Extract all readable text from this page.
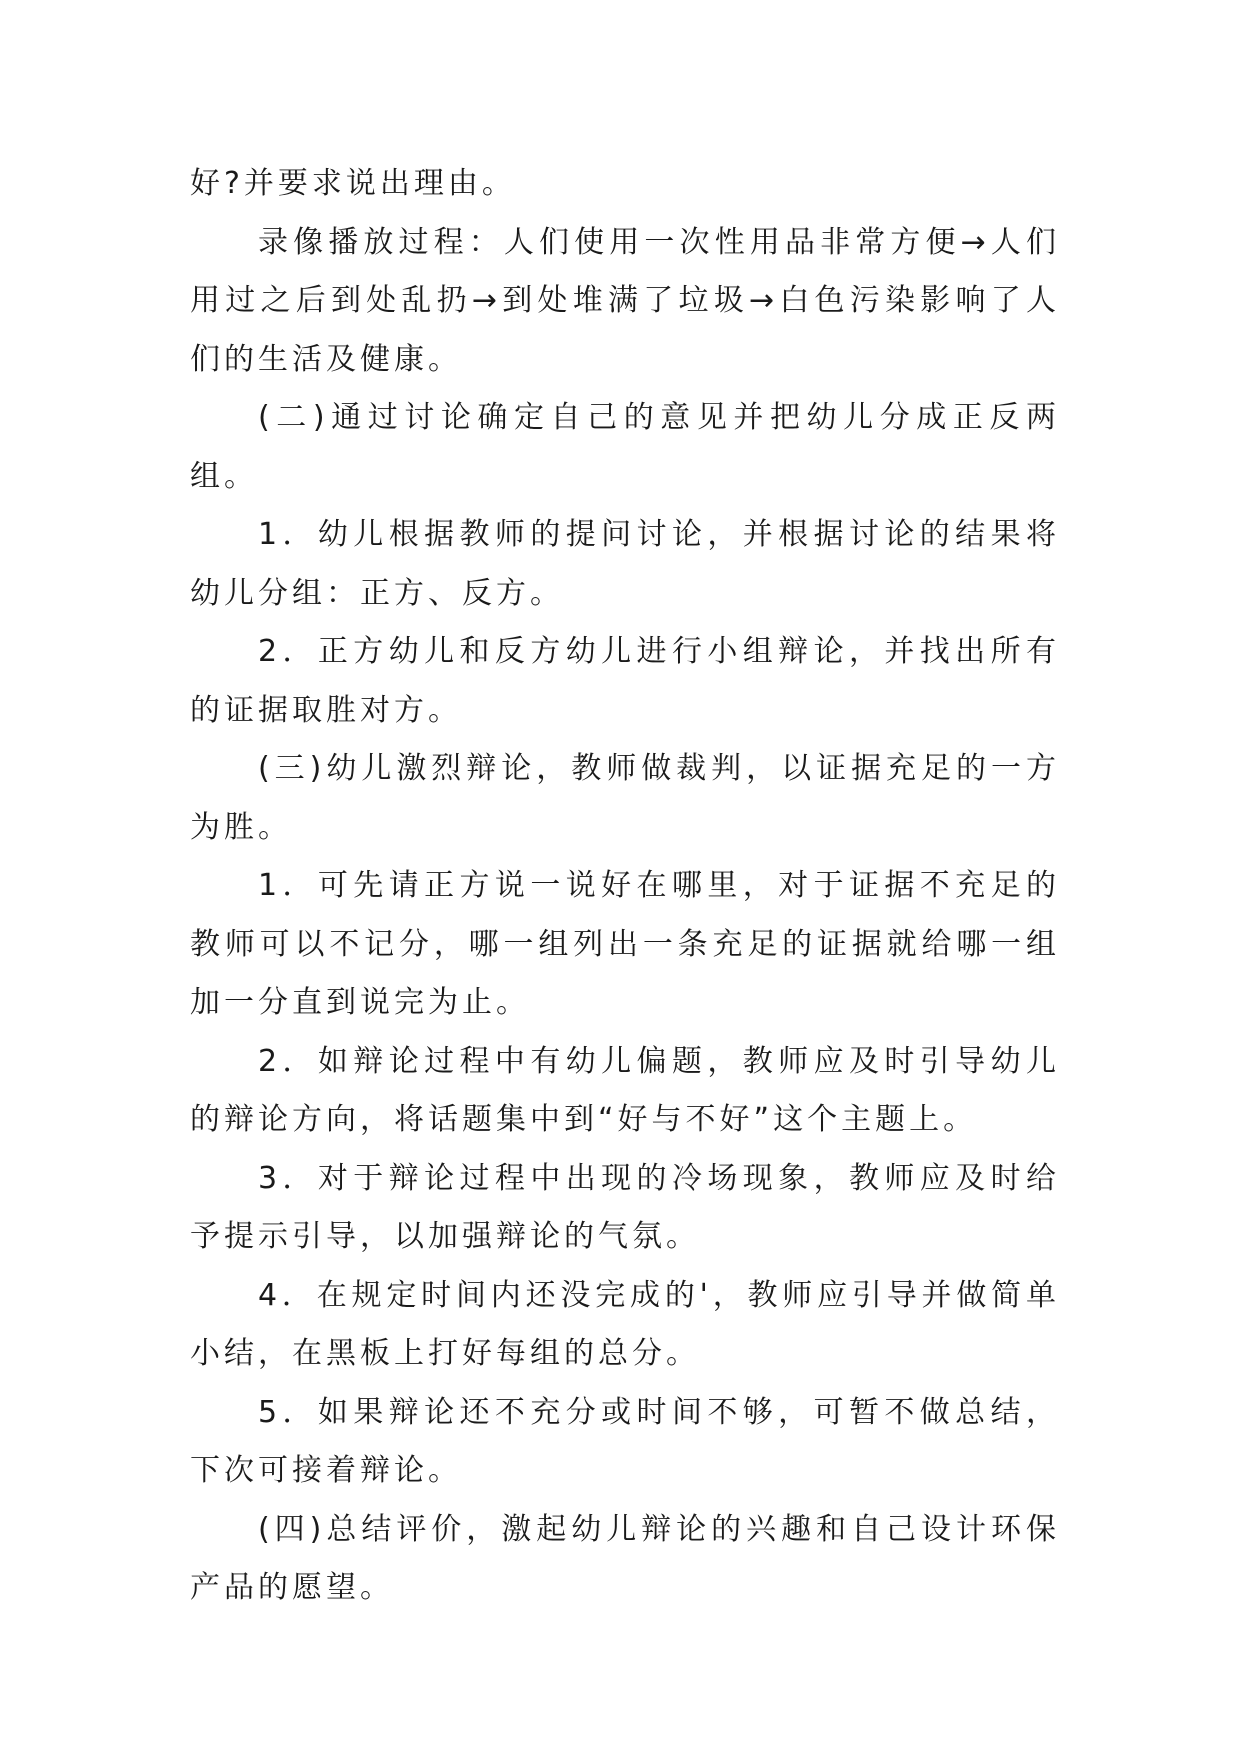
好?并要求说出理由。

录像播放过程：人们使用一次性用品非常方便→人们用过之后到处乱扔→到处堆满了垃圾→白色污染影响了人们的生活及健康。

(二)通过讨论确定自己的意见并把幼儿分成正反两组。

1．幼儿根据教师的提问讨论，并根据讨论的结果将幼儿分组：正方、反方。

2．正方幼儿和反方幼儿进行小组辩论，并找出所有的证据取胜对方。

(三)幼儿激烈辩论，教师做裁判，以证据充足的一方为胜。

1．可先请正方说一说好在哪里，对于证据不充足的教师可以不记分，哪一组列出一条充足的证据就给哪一组加一分直到说完为止。

2．如辩论过程中有幼儿偏题，教师应及时引导幼儿的辩论方向，将话题集中到“好与不好”这个主题上。

3．对于辩论过程中出现的冷场现象，教师应及时给予提示引导，以加强辩论的气氛。

4．在规定时间内还没完成的'，教师应引导并做简单小结，在黑板上打好每组的总分。

5．如果辩论还不充分或时间不够，可暂不做总结，下次可接着辩论。

(四)总结评价，激起幼儿辩论的兴趣和自己设计环保产品的愿望。
